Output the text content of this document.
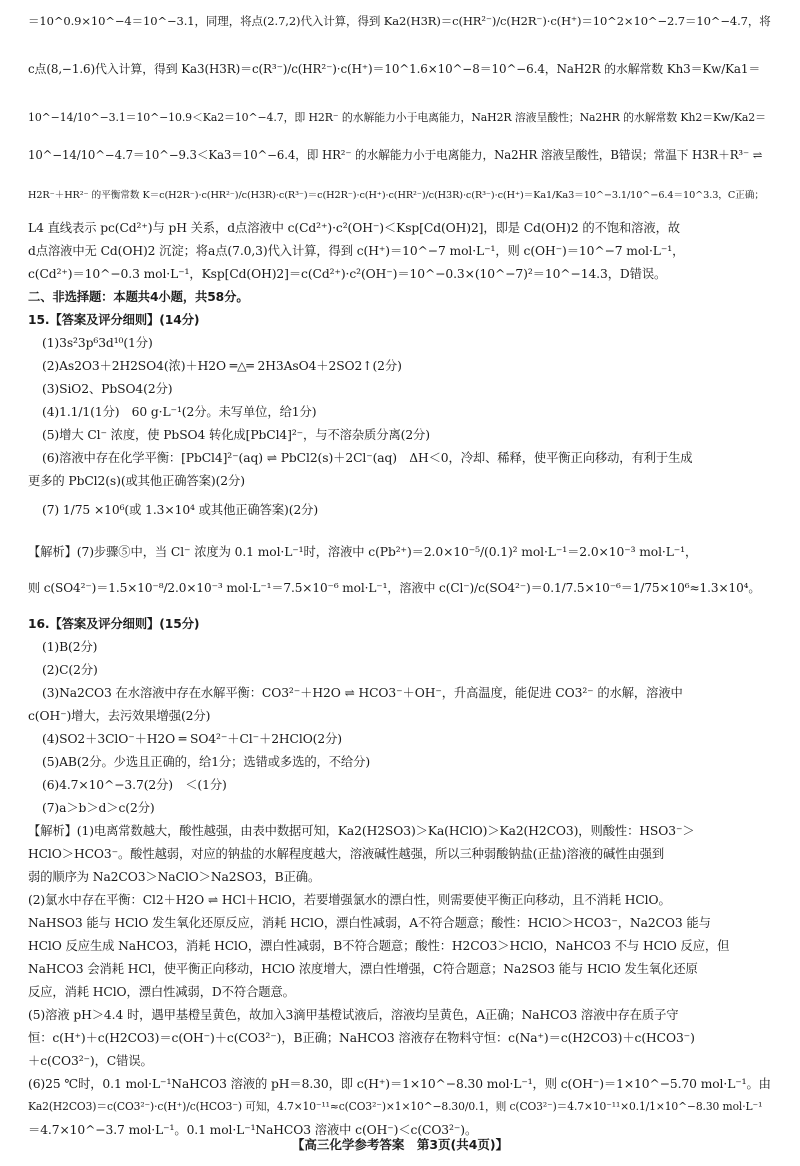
＝10^0.9×10^−4＝10^−3.1，同理，将点(2.7,2)代入计算，得到 Ka2(H3R)＝c(HR²⁻)/c(H2R⁻)·c(H⁺)＝10^2×10^−2.7＝10^−4.7，将
c点(8,−1.6)代入计算，得到 Ka3(H3R)＝c(R³⁻)/c(HR²⁻)·c(H⁺)＝10^1.6×10^−8＝10^−6.4，NaH2R 的水解常数 Kh3＝Kw/Ka1＝
10^−14/10^−3.1＝10^−10.9＜Ka2＝10^−4.7，即 H2R⁻ 的水解能力小于电离能力，NaH2R 溶液呈酸性；Na2HR 的水解常数 Kh2＝Kw/Ka2＝
10^−14/10^−4.7＝10^−9.3＜Ka3＝10^−6.4，即 HR²⁻ 的水解能力小于电离能力，Na2HR 溶液呈酸性，B错误；常温下 H3R＋R³⁻ ⇌
H2R⁻＋HR²⁻ 的平衡常数 K＝c(H2R⁻)·c(HR²⁻)/c(H3R)·c(R³⁻)＝c(H2R⁻)·c(H⁺)·c(HR²⁻)/c(H3R)·c(R³⁻)·c(H⁺)＝Ka1/Ka3＝10^−3.1/10^−6.4＝10^3.3，C正确；
L4 直线表示 pc(Cd²⁺)与 pH 关系，d点溶液中 c(Cd²⁺)·c²(OH⁻)＜Ksp[Cd(OH)2]，即是 Cd(OH)2 的不饱和溶液，故
d点溶液中无 Cd(OH)2 沉淀；将a点(7.0,3)代入计算，得到 c(H⁺)＝10^−7 mol·L⁻¹，则 c(OH⁻)＝10^−7 mol·L⁻¹，
c(Cd²⁺)＝10^−0.3 mol·L⁻¹，Ksp[Cd(OH)2]＝c(Cd²⁺)·c²(OH⁻)＝10^−0.3×(10^−7)²＝10^−14.3，D错误。
二、非选择题：本题共4小题，共58分。
15.【答案及评分细则】(14分)
(1)3s²3p⁶3d¹⁰(1分)
(2)As2O3＋2H2SO4(浓)＋H2O ═△═ 2H3AsO4＋2SO2↑(2分)
(3)SiO2、PbSO4(2分)
(4)1.1/1(1分)　60 g·L⁻¹(2分。未写单位，给1分)
(5)增大 Cl⁻ 浓度，使 PbSO4 转化成[PbCl4]²⁻，与不溶杂质分离(2分)
(6)溶液中存在化学平衡：[PbCl4]²⁻(aq) ⇌ PbCl2(s)＋2Cl⁻(aq)　ΔH＜0，冷却、稀释，使平衡正向移动，有利于生成
更多的 PbCl2(s)(或其他正确答案)(2分)
(7) 1/75 ×10⁶(或 1.3×10⁴ 或其他正确答案)(2分)
【解析】(7)步骤⑤中，当 Cl⁻ 浓度为 0.1 mol·L⁻¹时，溶液中 c(Pb²⁺)＝2.0×10⁻⁵/(0.1)² mol·L⁻¹＝2.0×10⁻³ mol·L⁻¹，
则 c(SO4²⁻)＝1.5×10⁻⁸/2.0×10⁻³ mol·L⁻¹＝7.5×10⁻⁶ mol·L⁻¹，溶液中 c(Cl⁻)/c(SO4²⁻)＝0.1/7.5×10⁻⁶＝1/75×10⁶≈1.3×10⁴。
16.【答案及评分细则】(15分)
(1)B(2分)
(2)C(2分)
(3)Na2CO3 在水溶液中存在水解平衡：CO3²⁻＋H2O ⇌ HCO3⁻＋OH⁻，升高温度，能促进 CO3²⁻ 的水解，溶液中
c(OH⁻)增大，去污效果增强(2分)
(4)SO2＋3ClO⁻＋H2O ═ SO4²⁻＋Cl⁻＋2HClO(2分)
(5)AB(2分。少选且正确的，给1分；选错或多选的，不给分)
(6)4.7×10^−3.7(2分)　＜(1分)
(7)a＞b＞d＞c(2分)
【解析】(1)电离常数越大，酸性越强，由表中数据可知，Ka2(H2SO3)＞Ka(HClO)＞Ka2(H2CO3)，则酸性：HSO3⁻＞
HClO＞HCO3⁻。酸性越弱，对应的钠盐的水解程度越大，溶液碱性越强，所以三种弱酸钠盐(正盐)溶液的碱性由强到
弱的顺序为 Na2CO3＞NaClO＞Na2SO3，B正确。
(2)氯水中存在平衡：Cl2＋H2O ⇌ HCl＋HClO，若要增强氯水的漂白性，则需要使平衡正向移动，且不消耗 HClO。
NaHSO3 能与 HClO 发生氧化还原反应，消耗 HClO，漂白性减弱，A不符合题意；酸性：HClO＞HCO3⁻，Na2CO3 能与
HClO 反应生成 NaHCO3，消耗 HClO，漂白性减弱，B不符合题意；酸性：H2CO3＞HClO，NaHCO3 不与 HClO 反应，但
NaHCO3 会消耗 HCl，使平衡正向移动，HClO 浓度增大，漂白性增强，C符合题意；Na2SO3 能与 HClO 发生氧化还原
反应，消耗 HClO，漂白性减弱，D不符合题意。
(5)溶液 pH＞4.4 时，遇甲基橙呈黄色，故加入3滴甲基橙试液后，溶液均呈黄色，A正确；NaHCO3 溶液中存在质子守
恒：c(H⁺)＋c(H2CO3)＝c(OH⁻)＋c(CO3²⁻)，B正确；NaHCO3 溶液存在物料守恒：c(Na⁺)＝c(H2CO3)＋c(HCO3⁻)
＋c(CO3²⁻)，C错误。
(6)25 ℃时，0.1 mol·L⁻¹NaHCO3 溶液的 pH＝8.30，即 c(H⁺)＝1×10^−8.30 mol·L⁻¹，则 c(OH⁻)＝1×10^−5.70 mol·L⁻¹。由
Ka2(H2CO3)＝c(CO3²⁻)·c(H⁺)/c(HCO3⁻) 可知，4.7×10⁻¹¹≈c(CO3²⁻)×1×10^−8.30/0.1，则 c(CO3²⁻)＝4.7×10⁻¹¹×0.1/1×10^−8.30 mol·L⁻¹
＝4.7×10^−3.7 mol·L⁻¹。0.1 mol·L⁻¹NaHCO3 溶液中 c(OH⁻)＜c(CO3²⁻)。
【高三化学参考答案　第3页(共4页)】
